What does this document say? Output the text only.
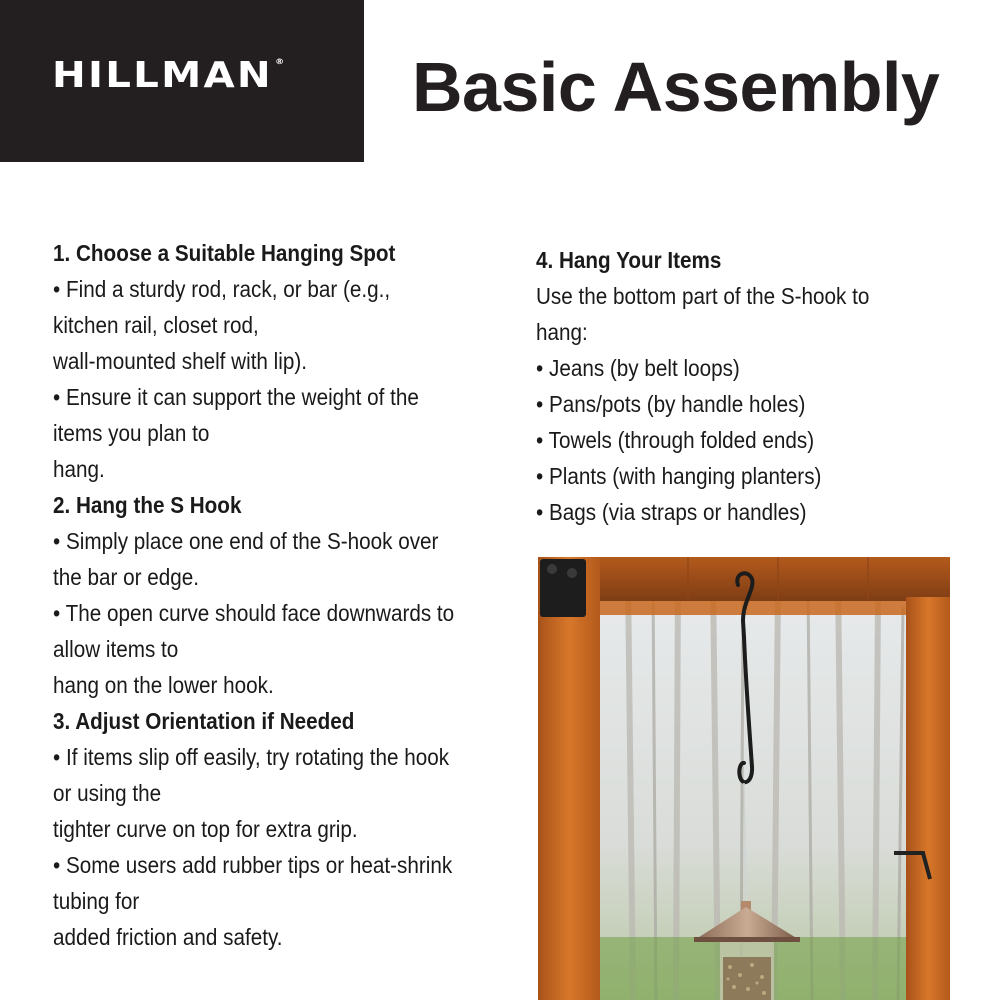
HILLMAN ® Basic Assembly
1. Choose a Suitable Hanging Spot
• Find a sturdy rod, rack, or bar (e.g.,
kitchen rail, closet rod,
wall-mounted shelf with lip).
• Ensure it can support the weight of the
items you plan to
hang.
2. Hang the S Hook
• Simply place one end of the S-hook over
the bar or edge.
• The open curve should face downwards to
allow items to
hang on the lower hook.
3. Adjust Orientation if Needed
• If items slip off easily, try rotating the hook
or using the
tighter curve on top for extra grip.
• Some users add rubber tips or heat-shrink
tubing for
added friction and safety.
4. Hang Your Items
Use the bottom part of the S-hook to
hang:
• Jeans (by belt loops)
• Pans/pots (by handle holes)
• Towels (through folded ends)
• Plants (with hanging planters)
• Bags (via straps or handles)
